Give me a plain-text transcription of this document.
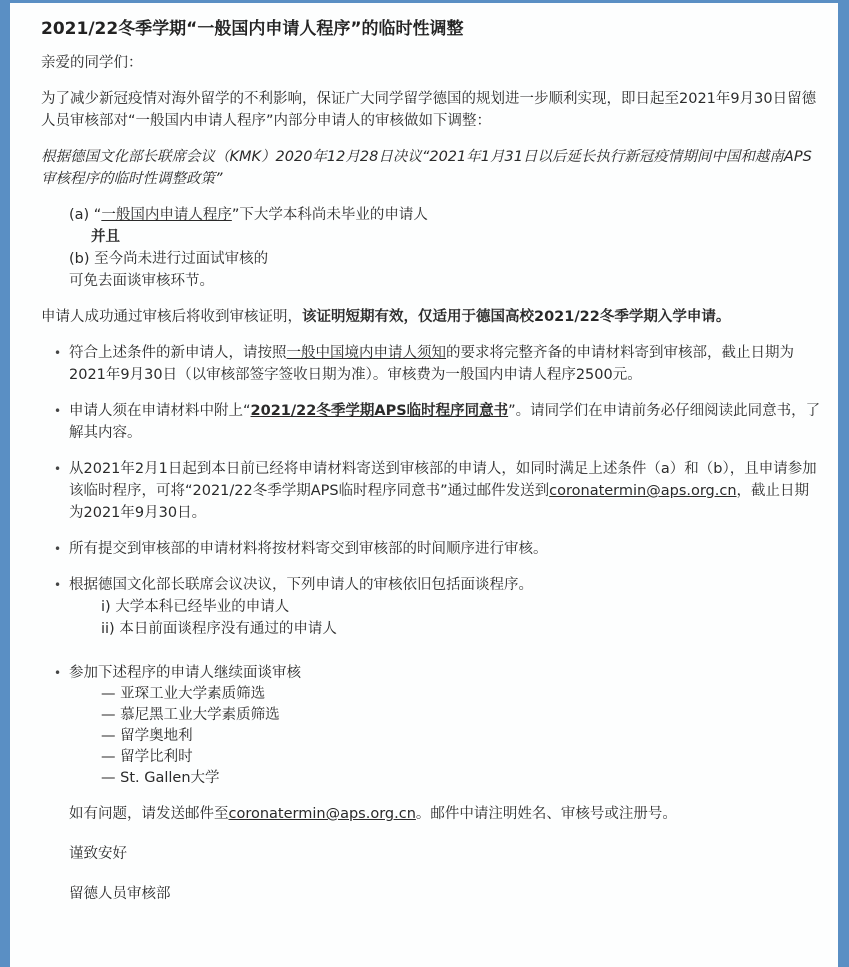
2021/22冬季学期“一般国内申请人程序”的临时性调整

亲爱的同学们：

为了减少新冠疫情对海外留学的不利影响，保证广大同学留学德国的规划进一步顺利实现，即日起至2021年9月30日留德人员审核部对“一般国内申请人程序”内部分申请人的审核做如下调整：

根据德国文化部长联席会议（KMK）2020年12月28日决议“2021年1月31日以后延长执行新冠疫情期间中国和越南APS审核程序的临时性调整政策”

(a) “一般国内申请人程序”下大学本科尚未毕业的申请人
并且
(b) 至今尚未进行过面试审核的
可免去面谈审核环节。

申请人成功通过审核后将收到审核证明，该证明短期有效，仅适用于德国高校2021/22冬季学期入学申请。

• 符合上述条件的新申请人，请按照一般中国境内申请人须知的要求将完整齐备的申请材料寄到审核部，截止日期为2021年9月30日（以审核部签字签收日期为准）。审核费为一般国内申请人程序2500元。
• 申请人须在申请材料中附上“2021/22冬季学期APS临时程序同意书”。请同学们在申请前务必仔细阅读此同意书，了解其内容。
• 从2021年2月1日起到本日前已经将申请材料寄送到审核部的申请人，如同时满足上述条件（a）和（b），且申请参加该临时程序，可将“2021/22冬季学期APS临时程序同意书”通过邮件发送到coronatermin@aps.org.cn，截止日期为2021年9月30日。
• 所有提交到审核部的申请材料将按材料寄交到审核部的时间顺序进行审核。
• 根据德国文化部长联席会议决议，下列申请人的审核依旧包括面谈程序。
i) 大学本科已经毕业的申请人
ii) 本日前面谈程序没有通过的申请人
• 参加下述程序的申请人继续面谈审核
— 亚琛工业大学素质筛选
— 慕尼黑工业大学素质筛选
— 留学奥地利
— 留学比利时
— St. Gallen大学
如有问题，请发送邮件至coronatermin@aps.org.cn。邮件中请注明姓名、审核号或注册号。
谨致安好
留德人员审核部
